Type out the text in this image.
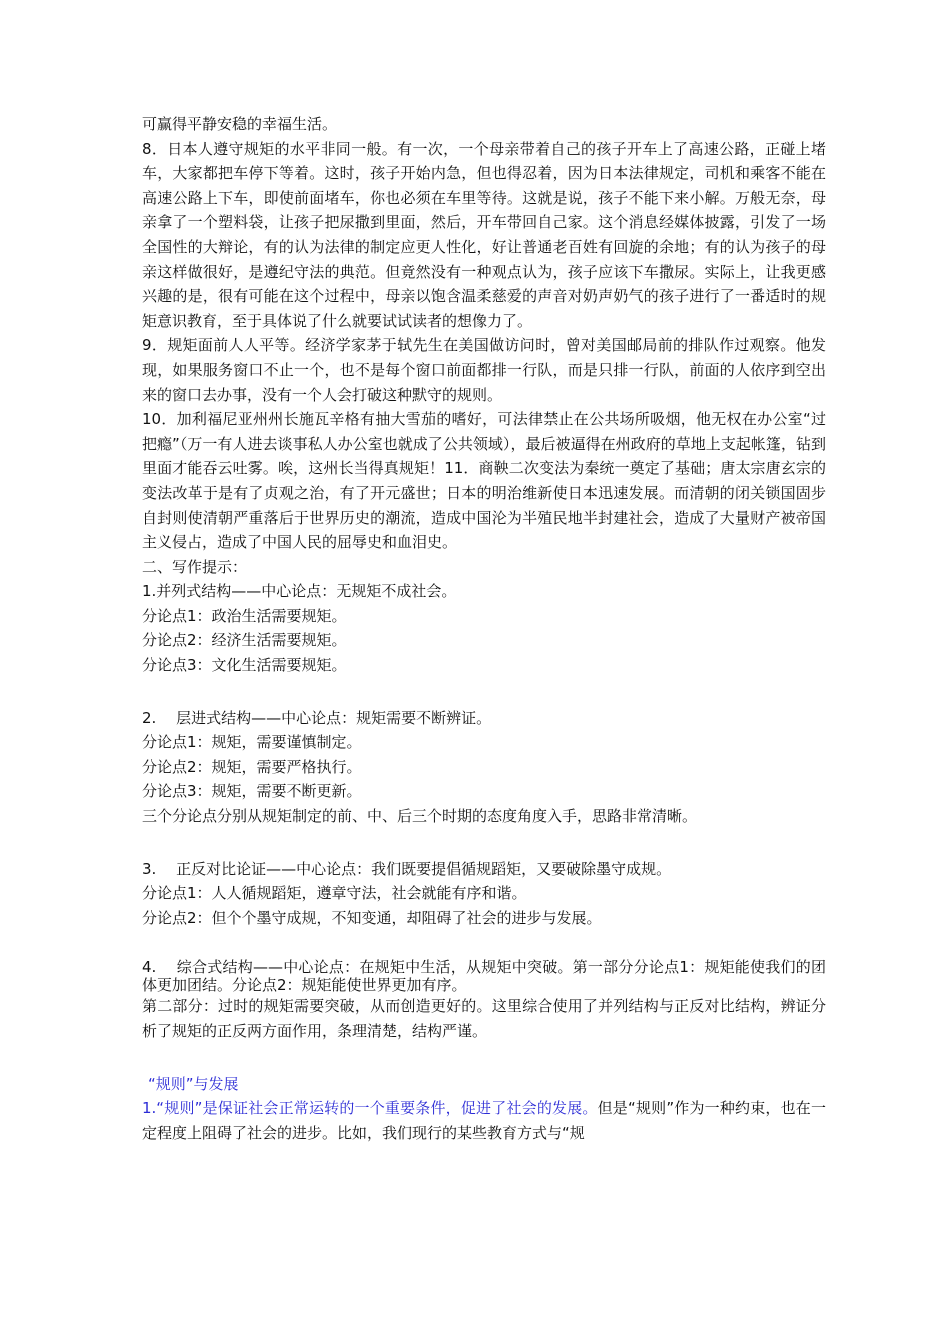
可赢得平静安稳的幸福生活。

8．日本人遵守规矩的水平非同一般。有一次，一个母亲带着自己的孩子开车上了高速公路，正碰上堵车，大家都把车停下等着。这时，孩子开始内急，但也得忍着，因为日本法律规定，司机和乘客不能在高速公路上下车，即使前面堵车，你也必须在车里等待。这就是说，孩子不能下来小解。万般无奈，母亲拿了一个塑料袋，让孩子把尿撒到里面，然后，开车带回自己家。这个消息经媒体披露，引发了一场全国性的大辩论，有的认为法律的制定应更人性化，好让普通老百姓有回旋的余地；有的认为孩子的母亲这样做很好，是遵纪守法的典范。但竟然没有一种观点认为，孩子应该下车撒尿。实际上，让我更感兴趣的是，很有可能在这个过程中，母亲以饱含温柔慈爱的声音对奶声奶气的孩子进行了一番适时的规矩意识教育，至于具体说了什么就要试试读者的想像力了。

9．规矩面前人人平等。经济学家茅于轼先生在美国做访问时，曾对美国邮局前的排队作过观察。他发现，如果服务窗口不止一个，也不是每个窗口前面都排一行队，而是只排一行队，前面的人依序到空出来的窗口去办事，没有一个人会打破这种默守的规则。

10．加利福尼亚州州长施瓦辛格有抽大雪茄的嗜好，可法律禁止在公共场所吸烟，他无权在办公室“过把瘾”（万一有人进去谈事私人办公室也就成了公共领域），最后被逼得在州政府的草地上支起帐篷，钻到里面才能吞云吐雾。唉，这州长当得真规矩！11．商鞅二次变法为秦统一奠定了基础；唐太宗唐玄宗的变法改革于是有了贞观之治，有了开元盛世；日本的明治维新使日本迅速发展。而清朝的闭关锁国固步自封则使清朝严重落后于世界历史的潮流，造成中国沦为半殖民地半封建社会，造成了大量财产被帝国主义侵占，造成了中国人民的屈辱史和血泪史。

二、写作提示：

1.并列式结构——中心论点：无规矩不成社会。

分论点1：政治生活需要规矩。

分论点2：经济生活需要规矩。

分论点3：文化生活需要规矩。

2.　 层进式结构——中心论点：规矩需要不断辨证。

分论点1：规矩，需要谨慎制定。

分论点2：规矩，需要严格执行。

分论点3：规矩，需要不断更新。

三个分论点分别从规矩制定的前、中、后三个时期的态度角度入手，思路非常清晰。

3.　 正反对比论证——中心论点：我们既要提倡循规蹈矩，又要破除墨守成规。

分论点1：人人循规蹈矩，遵章守法，社会就能有序和谐。

分论点2：但个个墨守成规，不知变通，却阻碍了社会的进步与发展。

4.　 综合式结构——中心论点：在规矩中生活，从规矩中突破。第一部分分论点1：规矩能使我们的团体更加团结。分论点2：规矩能使世界更加有序。

第二部分：过时的规矩需要突破，从而创造更好的。这里综合使用了并列结构与正反对比结构，辨证分析了规矩的正反两方面作用，条理清楚，结构严谨。

“规则”与发展

1.“规则”是保证社会正常运转的一个重要条件，促进了社会的发展。但是“规则”作为一种约束，也在一定程度上阻碍了社会的进步。比如，我们现行的某些教育方式与“规
